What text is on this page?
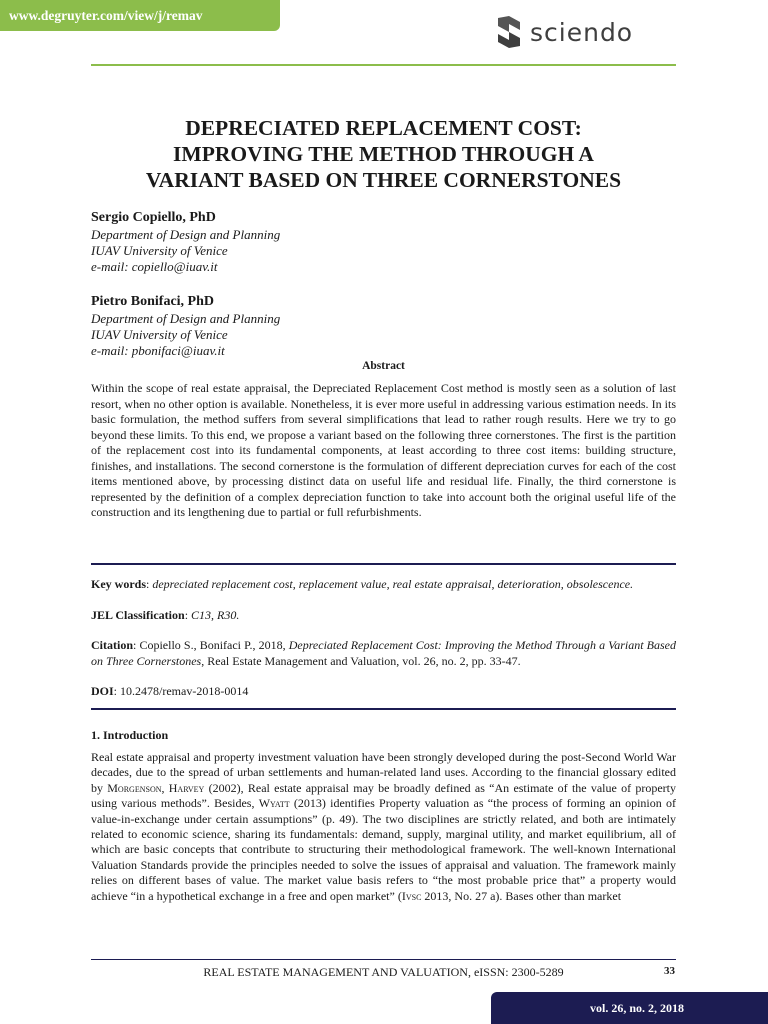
www.degruyter.com/view/j/remav
sciendo
DEPRECIATED REPLACEMENT COST:
IMPROVING THE METHOD THROUGH A
VARIANT BASED ON THREE CORNERSTONES
Sergio Copiello, PhD
Department of Design and Planning
IUAV University of Venice
e-mail: copiello@iuav.it
Pietro Bonifaci, PhD
Department of Design and Planning
IUAV University of Venice
e-mail: pbonifaci@iuav.it
Abstract

Within the scope of real estate appraisal, the Depreciated Replacement Cost method is mostly seen as a solution of last resort, when no other option is available. Nonetheless, it is ever more useful in addressing various estimation needs. In its basic formulation, the method suffers from several simplifications that lead to rather rough results. Here we try to go beyond these limits. To this end, we propose a variant based on the following three cornerstones. The first is the partition of the replacement cost into its fundamental components, at least according to three cost items: building structure, finishes, and installations. The second cornerstone is the formulation of different depreciation curves for each of the cost items mentioned above, by processing distinct data on useful life and residual life. Finally, the third cornerstone is represented by the definition of a complex depreciation function to take into account both the original useful life of the construction and its lengthening due to partial or full refurbishments.

Key words: depreciated replacement cost, replacement value, real estate appraisal, deterioration, obsolescence.

JEL Classification: C13, R30.

Citation: Copiello S., Bonifaci P., 2018, Depreciated Replacement Cost: Improving the Method Through a Variant Based on Three Cornerstones, Real Estate Management and Valuation, vol. 26, no. 2, pp. 33-47.

DOI: 10.2478/remav-2018-0014

1. Introduction

Real estate appraisal and property investment valuation have been strongly developed during the post-Second World War decades, due to the spread of urban settlements and human-related land uses. According to the financial glossary edited by Morgenson, Harvey (2002), Real estate appraisal may be broadly defined as “An estimate of the value of property using various methods”. Besides, Wyatt (2013) identifies Property valuation as “the process of forming an opinion of value-in-exchange under certain assumptions” (p. 49). The two disciplines are strictly related, and both are intimately related to economic science, sharing its fundamentals: demand, supply, marginal utility, and market equilibrium, all of which are basic concepts that contribute to structuring their methodological framework. The well-known International Valuation Standards provide the principles needed to solve the issues of appraisal and valuation. The framework mainly relies on different bases of value. The market value basis refers to “the most probable price that” a property would achieve “in a hypothetical exchange in a free and open market” (Ivsc 2013, No. 27 a). Bases other than market

REAL ESTATE MANAGEMENT AND VALUATION, eISSN: 2300-5289	33
vol. 26, no. 2, 2018
